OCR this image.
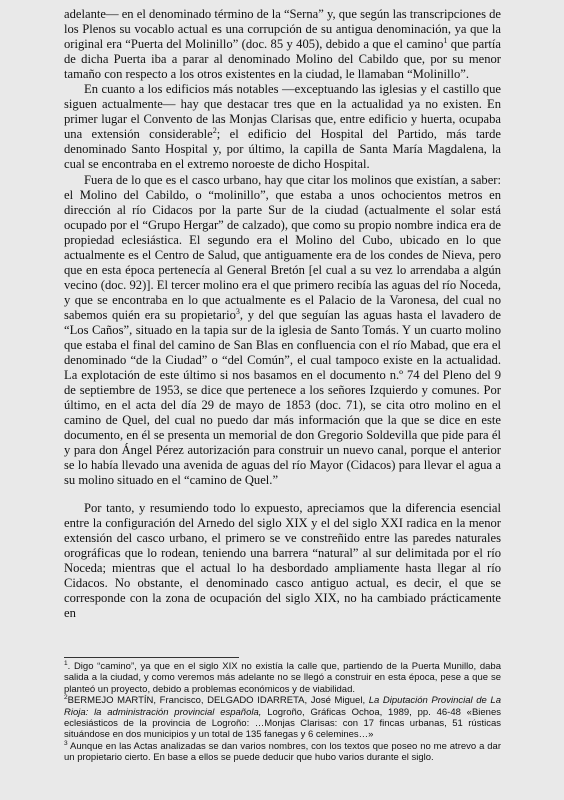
adelante— en el denominado término de la “Serna” y, que según las transcripciones de los Plenos su vocablo actual es una corrupción de su antigua denominación, ya que la original era “Puerta del Molinillo” (doc. 85 y 405), debido a que el camino$^1$ que partía de dicha Puerta iba a parar al denominado Molino del Cabildo que, por su menor tamaño con respecto a los otros existentes en la ciudad, le llamaban “Molinillo”.

En cuanto a los edificios más notables —exceptuando las iglesias y el castillo que siguen actualmente— hay que destacar tres que en la actualidad ya no existen. En primer lugar el Convento de las Monjas Clarisas que, entre edificio y huerta, ocupaba una extensión considerable$^2$; el edificio del Hospital del Partido, más tarde denominado Santo Hospital y, por último, la capilla de Santa María Magdalena, la cual se encontraba en el extremo noroeste de dicho Hospital.

Fuera de lo que es el casco urbano, hay que citar los molinos que existían, a saber: el Molino del Cabildo, o “molinillo”, que estaba a unos ochocientos metros en dirección al río Cidacos por la parte Sur de la ciudad (actualmente el solar está ocupado por el “Grupo Hergar” de calzado), que como su propio nombre indica era de propiedad eclesiástica. El segundo era el Molino del Cubo, ubicado en lo que actualmente es el Centro de Salud, que antiguamente era de los condes de Nieva, pero que en esta época pertenecía al General Bretón [el cual a su vez lo arrendaba a algún vecino (doc. 92)]. El tercer molino era el que primero recibía las aguas del río Noceda, y que se encontraba en lo que actualmente es el Palacio de la Varonesa, del cual no sabemos quién era su propietario$^3$, y del que seguían las aguas hasta el lavadero de “Los Caños”, situado en la tapia sur de la iglesia de Santo Tomás. Y un cuarto molino que estaba el final del camino de San Blas en confluencia con el río Mabad, que era el denominado “de la Ciudad” o “del Común”, el cual tampoco existe en la actualidad. La explotación de este último si nos basamos en el documento n.º 74 del Pleno del 9 de septiembre de 1953, se dice que pertenece a los señores Izquierdo y comunes. Por último, en el acta del día 29 de mayo de 1853 (doc. 71), se cita otro molino en el camino de Quel, del cual no puedo dar más información que la que se dice en este documento, en él se presenta un memorial de don Gregorio Soldevilla que pide para él y para don Ángel Pérez autorización para construir un nuevo canal, porque el anterior se lo había llevado una avenida de aguas del río Mayor (Cidacos) para llevar el agua a su molino situado en el “camino de Quel.”

Por tanto, y resumiendo todo lo expuesto, apreciamos que la diferencia esencial entre la configuración del Arnedo del siglo XIX y el del siglo XXI radica en la menor extensión del casco urbano, el primero se ve constreñido entre las paredes naturales orográficas que lo rodean, teniendo una barrera “natural” al sur delimitada por el río Noceda; mientras que el actual lo ha desbordado ampliamente hasta llegar al río Cidacos. No obstante, el denominado casco antiguo actual, es decir, el que se corresponde con la zona de ocupación del siglo XIX, no ha cambiado prácticamente en

$^1$. Digo “camino”, ya que en el siglo XIX no existía la calle que, partiendo de la Puerta Munillo, daba salida a la ciudad, y como veremos más adelante no se llegó a construir en esta época, pese a que se planteó un proyecto, debido a problemas económicos y de viabilidad.

$^2$BERMEJO MARTÍN, Francisco, DELGADO IDARRETA, José Miguel, La Diputación Provincial de La Rioja: la administración provincial española, Logroño, Gráficas Ochoa, 1989, pp. 46-48 «Bienes eclesiásticos de la provincia de Logroño: …Monjas Clarisas: con 17 fincas urbanas, 51 rústicas situándose en dos municipios y un total de 135 fanegas y 6 celemines…»

$^3$ Aunque en las Actas analizadas se dan varios nombres, con los textos que poseo no me atrevo a dar un propietario cierto. En base a ellos se puede deducir que hubo varios durante el siglo.
